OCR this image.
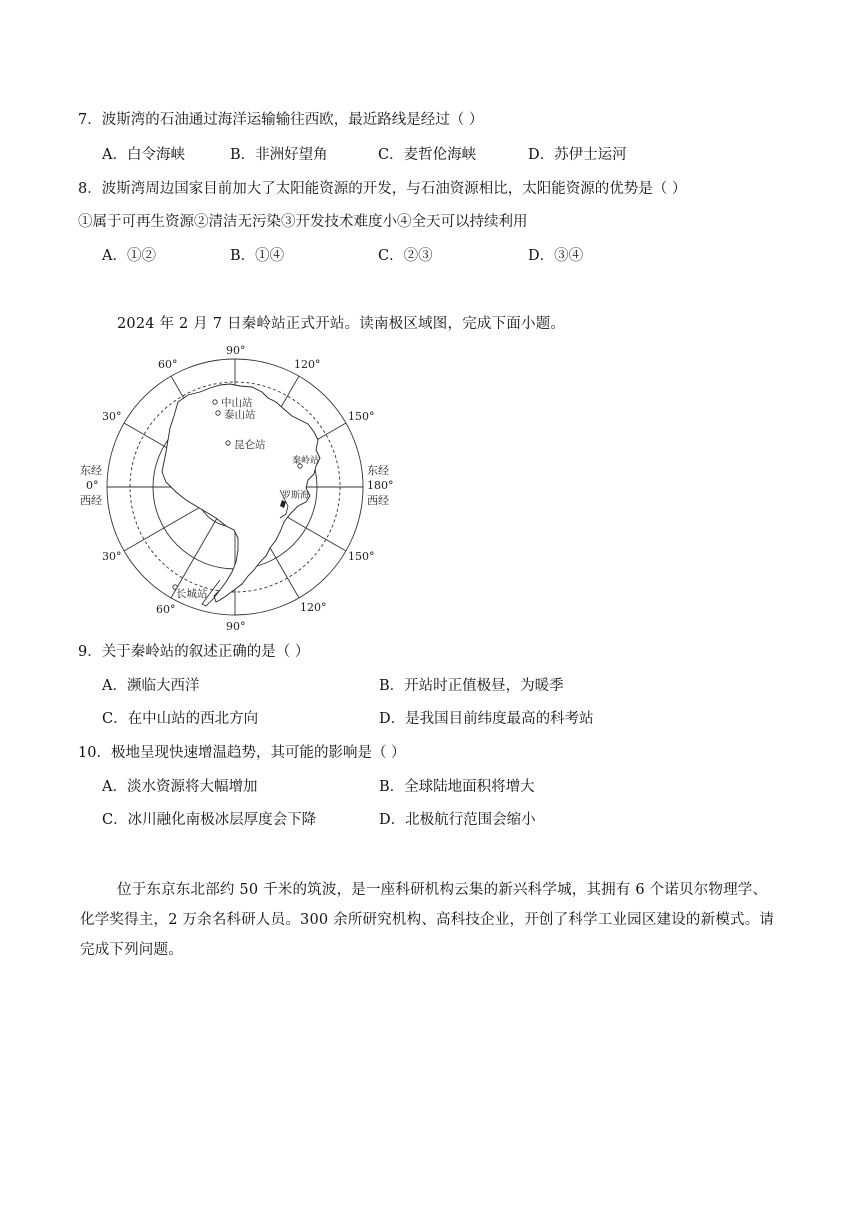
7．波斯湾的石油通过海洋运输输往西欧，最近路线是经过（ ）
A．白令海峡	B．非洲好望角	C．麦哲伦海峡	D．苏伊士运河
8．波斯湾周边国家目前加大了太阳能资源的开发，与石油资源相比，太阳能资源的优势是（ ）
①属于可再生资源②清洁无污染③开发技术难度小④全天可以持续利用
A．①②	B．①④	C．②③	D．③④
2024 年 2 月 7 日秦岭站正式开站。读南极区域图，完成下面小题。
中山站
泰山站
昆仑站
秦岭站
长城站
罗斯海
90°
90°
60°	120°
30°	150°
30°	150°
60°	120°
东经
0°
西经
东经
180°
西经
9．关于秦岭站的叙述正确的是（ ）
A．濒临大西洋	B．开站时正值极昼，为暖季
C．在中山站的西北方向	D．是我国目前纬度最高的科考站
10．极地呈现快速增温趋势，其可能的影响是（ ）
A．淡水资源将大幅增加	B．全球陆地面积将增大
C．冰川融化南极冰层厚度会下降	D．北极航行范围会缩小
位于东京东北部约 50 千米的筑波，是一座科研机构云集的新兴科学城，其拥有 6 个诺贝尔物理学、
化学奖得主，2 万余名科研人员。300 余所研究机构、高科技企业，开创了科学工业园区建设的新模式。请
完成下列问题。
